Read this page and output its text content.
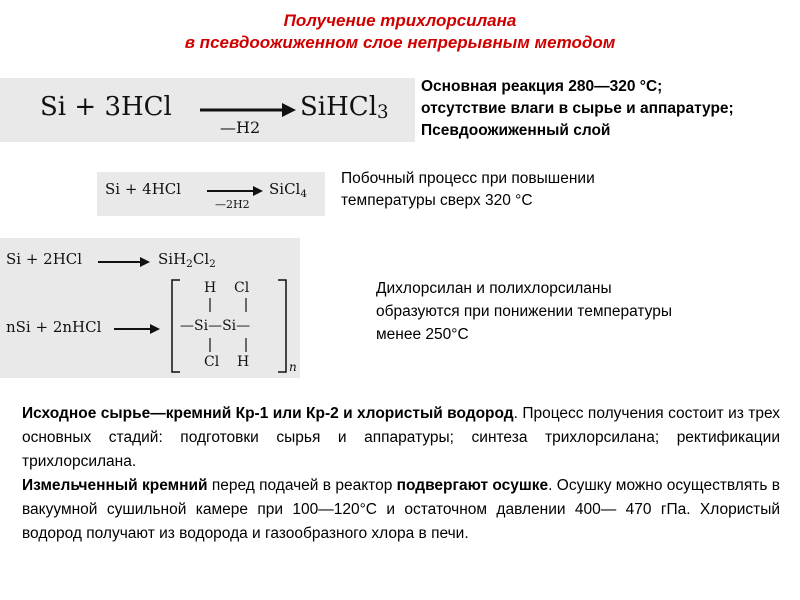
Получение трихлорсилана
в псевдоожиженном слое непрерывным методом
Si + 3HCl
—H2
SiHCl$_3$
Основная реакция 280—320 °С;
отсутствие влаги в сырье и аппаратуре;
Псевдоожиженный слой
Si + 4HCl
—2H2
SiCl$_4$
Побочный процесс при повышении
температуры сверх 320 °С
Si + 2HCl	$SiH_2Cl_2$
nSi + 2nHCl
H    Cl
—Si—Si—
Cl    H	n
Дихлорсилан и полихлорсиланы
образуются при понижении температуры
менее 250°С
Исходное сырье—кремний Кр-1 или Кр-2 и хлористый водород. Процесс получения состоит из трех основных стадий: подготовки сырья и аппаратуры; синтеза трихлорсилана; ректификации трихлорсилана.
Измельченный кремний перед подачей в реактор подвергают осушке. Осушку можно осуществлять в вакуумной сушильной камере при 100—120°С и остаточном давлении 400— 470 гПа. Хлористый водород получают из водорода и газообразного хлора в печи.
